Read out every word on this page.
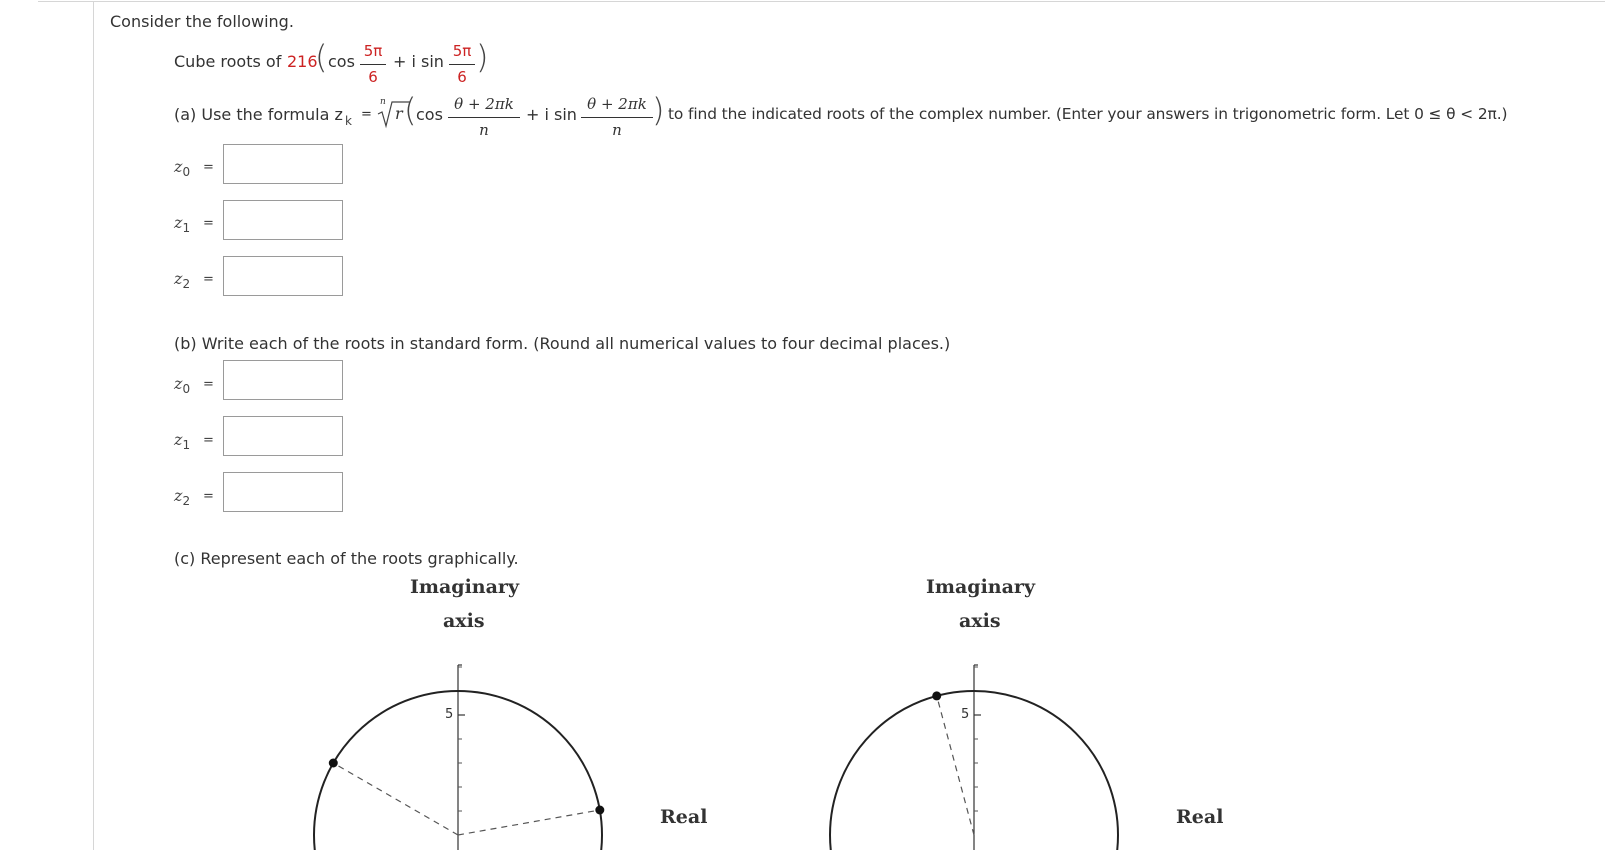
Consider the following.
Cube roots of 216
( cos
5π
6
+ i sin
5π
6
)
(a) Use the formula z k =
n
r ( cos
θ + 2πk
n
+ i sin
θ + 2πk
n
) to find the indicated roots of the complex number. (Enter your answers in trigonometric form. Let 0 ≤ θ < 2π.)
$z_0$ =
$z_1$ =
$z_2$ =
(b) Write each of the roots in standard form. (Round all numerical values to four decimal places.)
$z_0$ =
$z_1$ =
$z_2$ =
(c) Represent each of the roots graphically.
Imaginary
axis
Real
5
Imaginary
axis
Real
5
